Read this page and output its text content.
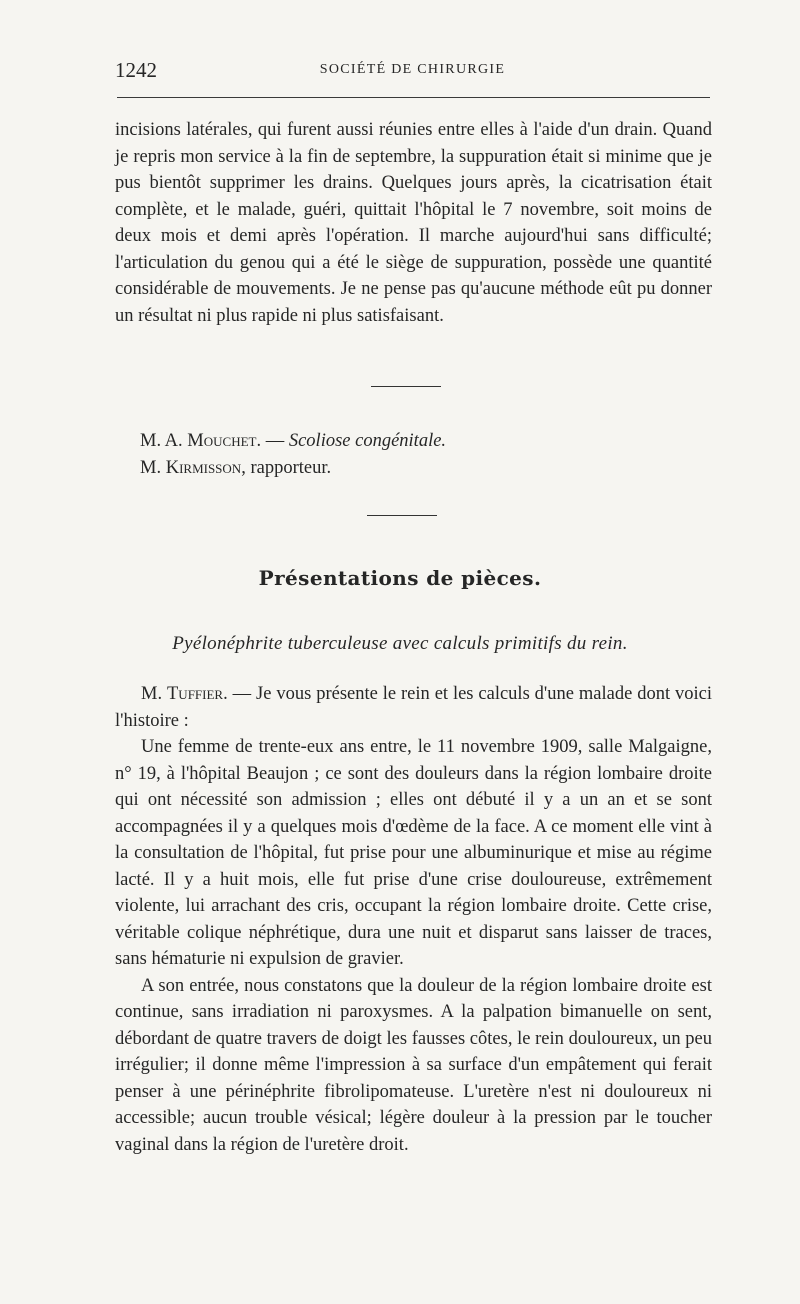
1242	SOCIÉTÉ DE CHIRURGIE

incisions latérales, qui furent aussi réunies entre elles à l'aide d'un drain. Quand je repris mon service à la fin de septembre, la suppuration était si minime que je pus bientôt supprimer les drains. Quelques jours après, la cicatrisation était complète, et le malade, guéri, quittait l'hôpital le 7 novembre, soit moins de deux mois et demi après l'opération. Il marche aujourd'hui sans difficulté; l'articulation du genou qui a été le siège de suppuration, possède une quantité considérable de mouvements. Je ne pense pas qu'aucune méthode eût pu donner un résultat ni plus rapide ni plus satisfaisant.

M. A. Mouchet. — Scoliose congénitale.
M. Kirmisson, rapporteur.
Présentations de pièces.
Pyélonéphrite tuberculeuse avec calculs primitifs du rein.

M. Tuffier. — Je vous présente le rein et les calculs d'une malade dont voici l'histoire :

Une femme de trente-eux ans entre, le 11 novembre 1909, salle Malgaigne, n° 19, à l'hôpital Beaujon ; ce sont des douleurs dans la région lombaire droite qui ont nécessité son admission ; elles ont débuté il y a un an et se sont accompagnées il y a quelques mois d'œdème de la face. A ce moment elle vint à la consultation de l'hôpital, fut prise pour une albuminurique et mise au régime lacté. Il y a huit mois, elle fut prise d'une crise douloureuse, extrêmement violente, lui arrachant des cris, occupant la région lombaire droite. Cette crise, véritable colique néphrétique, dura une nuit et disparut sans laisser de traces, sans hématurie ni expulsion de gravier.

A son entrée, nous constatons que la douleur de la région lombaire droite est continue, sans irradiation ni paroxysmes. A la palpation bimanuelle on sent, débordant de quatre travers de doigt les fausses côtes, le rein douloureux, un peu irrégulier; il donne même l'impression à sa surface d'un empâtement qui ferait penser à une périnéphrite fibrolipomateuse. L'uretère n'est ni douloureux ni accessible; aucun trouble vésical; légère douleur à la pression par le toucher vaginal dans la région de l'uretère droit.
